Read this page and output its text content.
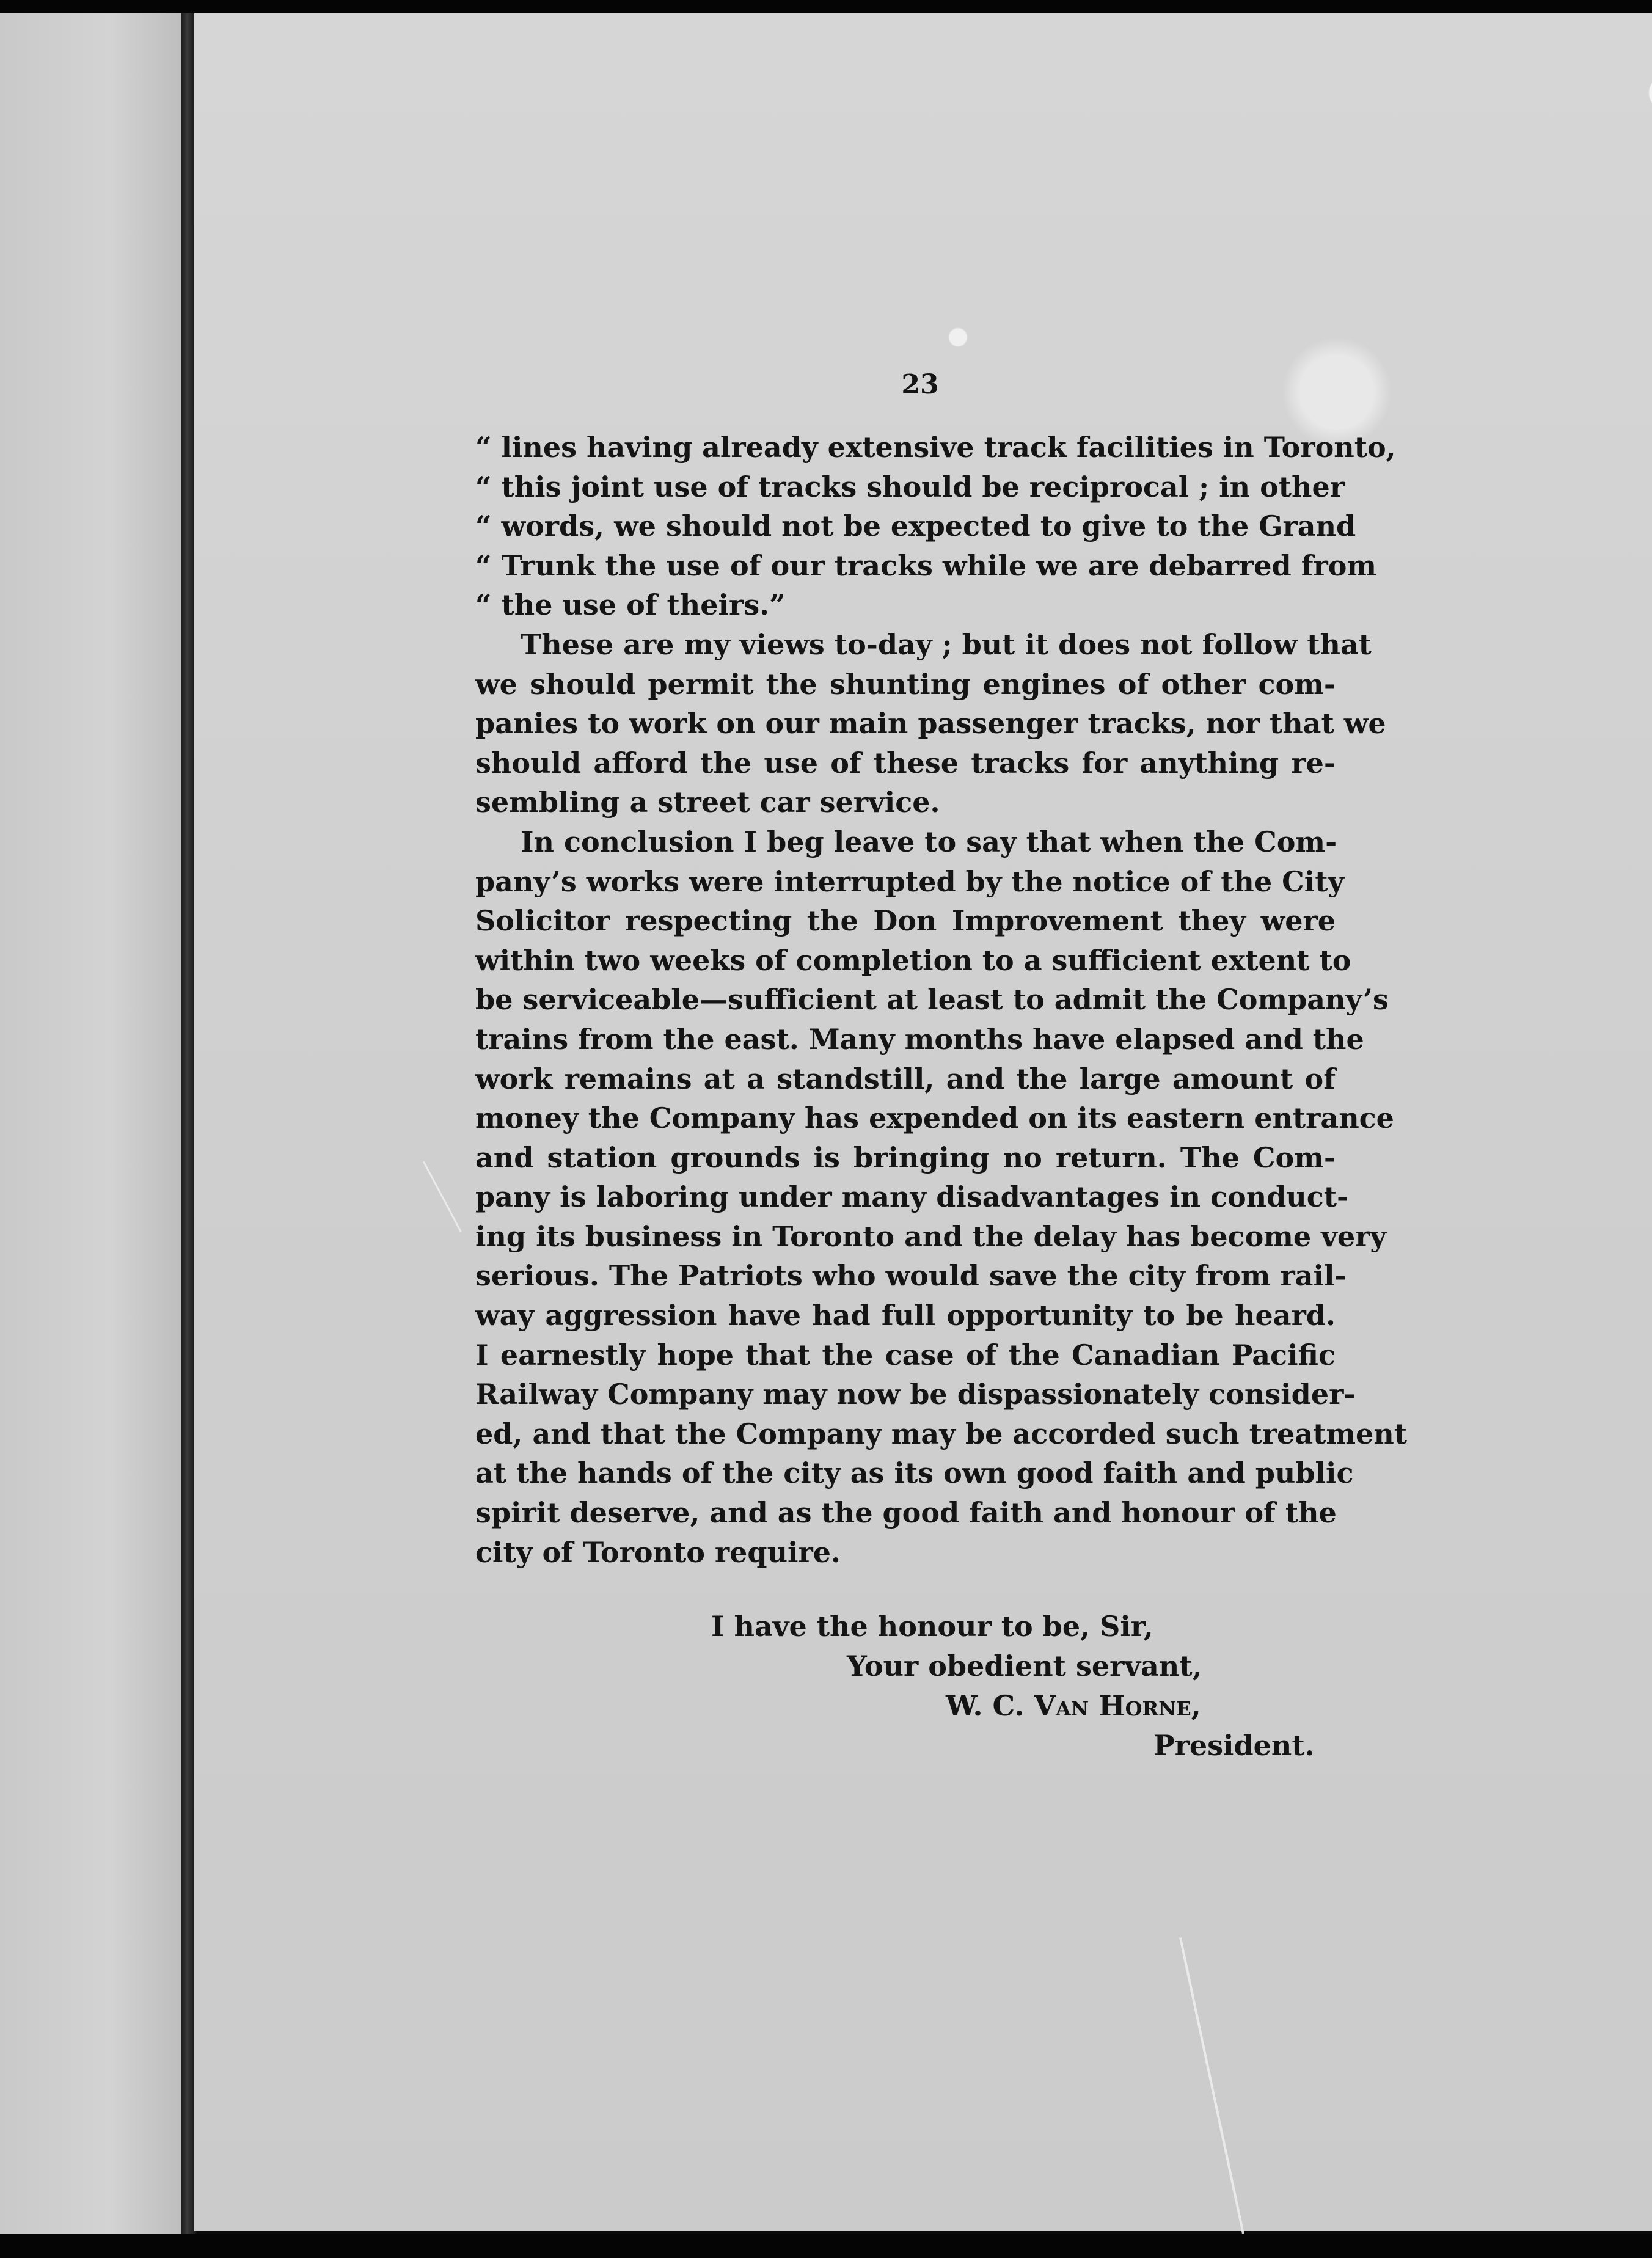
23
“ lines having already extensive track facilities in Toronto,
“ this joint use of tracks should be reciprocal ; in other
“ words, we should not be expected to give to the Grand
“ Trunk the use of our tracks while we are debarred from
“ the use of theirs.”
These are my views to-day ; but it does not follow that
we should permit the shunting engines of other com-
panies to work on our main passenger tracks, nor that we
should afford the use of these tracks for anything re-
sembling a street car service.
In conclusion I beg leave to say that when the Com-
pany’s works were interrupted by the notice of the City
Solicitor respecting the Don Improvement they were
within two weeks of completion to a sufficient extent to
be serviceable—sufficient at least to admit the Company’s
trains from the east. Many months have elapsed and the
work remains at a standstill, and the large amount of
money the Company has expended on its eastern entrance
and station grounds is bringing no return. The Com-
pany is laboring under many disadvantages in conduct-
ing its business in Toronto and the delay has become very
serious. The Patriots who would save the city from rail-
way aggression have had full opportunity to be heard.
I earnestly hope that the case of the Canadian Pacific
Railway Company may now be dispassionately consider-
ed, and that the Company may be accorded such treatment
at the hands of the city as its own good faith and public
spirit deserve, and as the good faith and honour of the
city of Toronto require.
I have the honour to be, Sir,
Your obedient servant,
W. C. Van Horne,
President.
